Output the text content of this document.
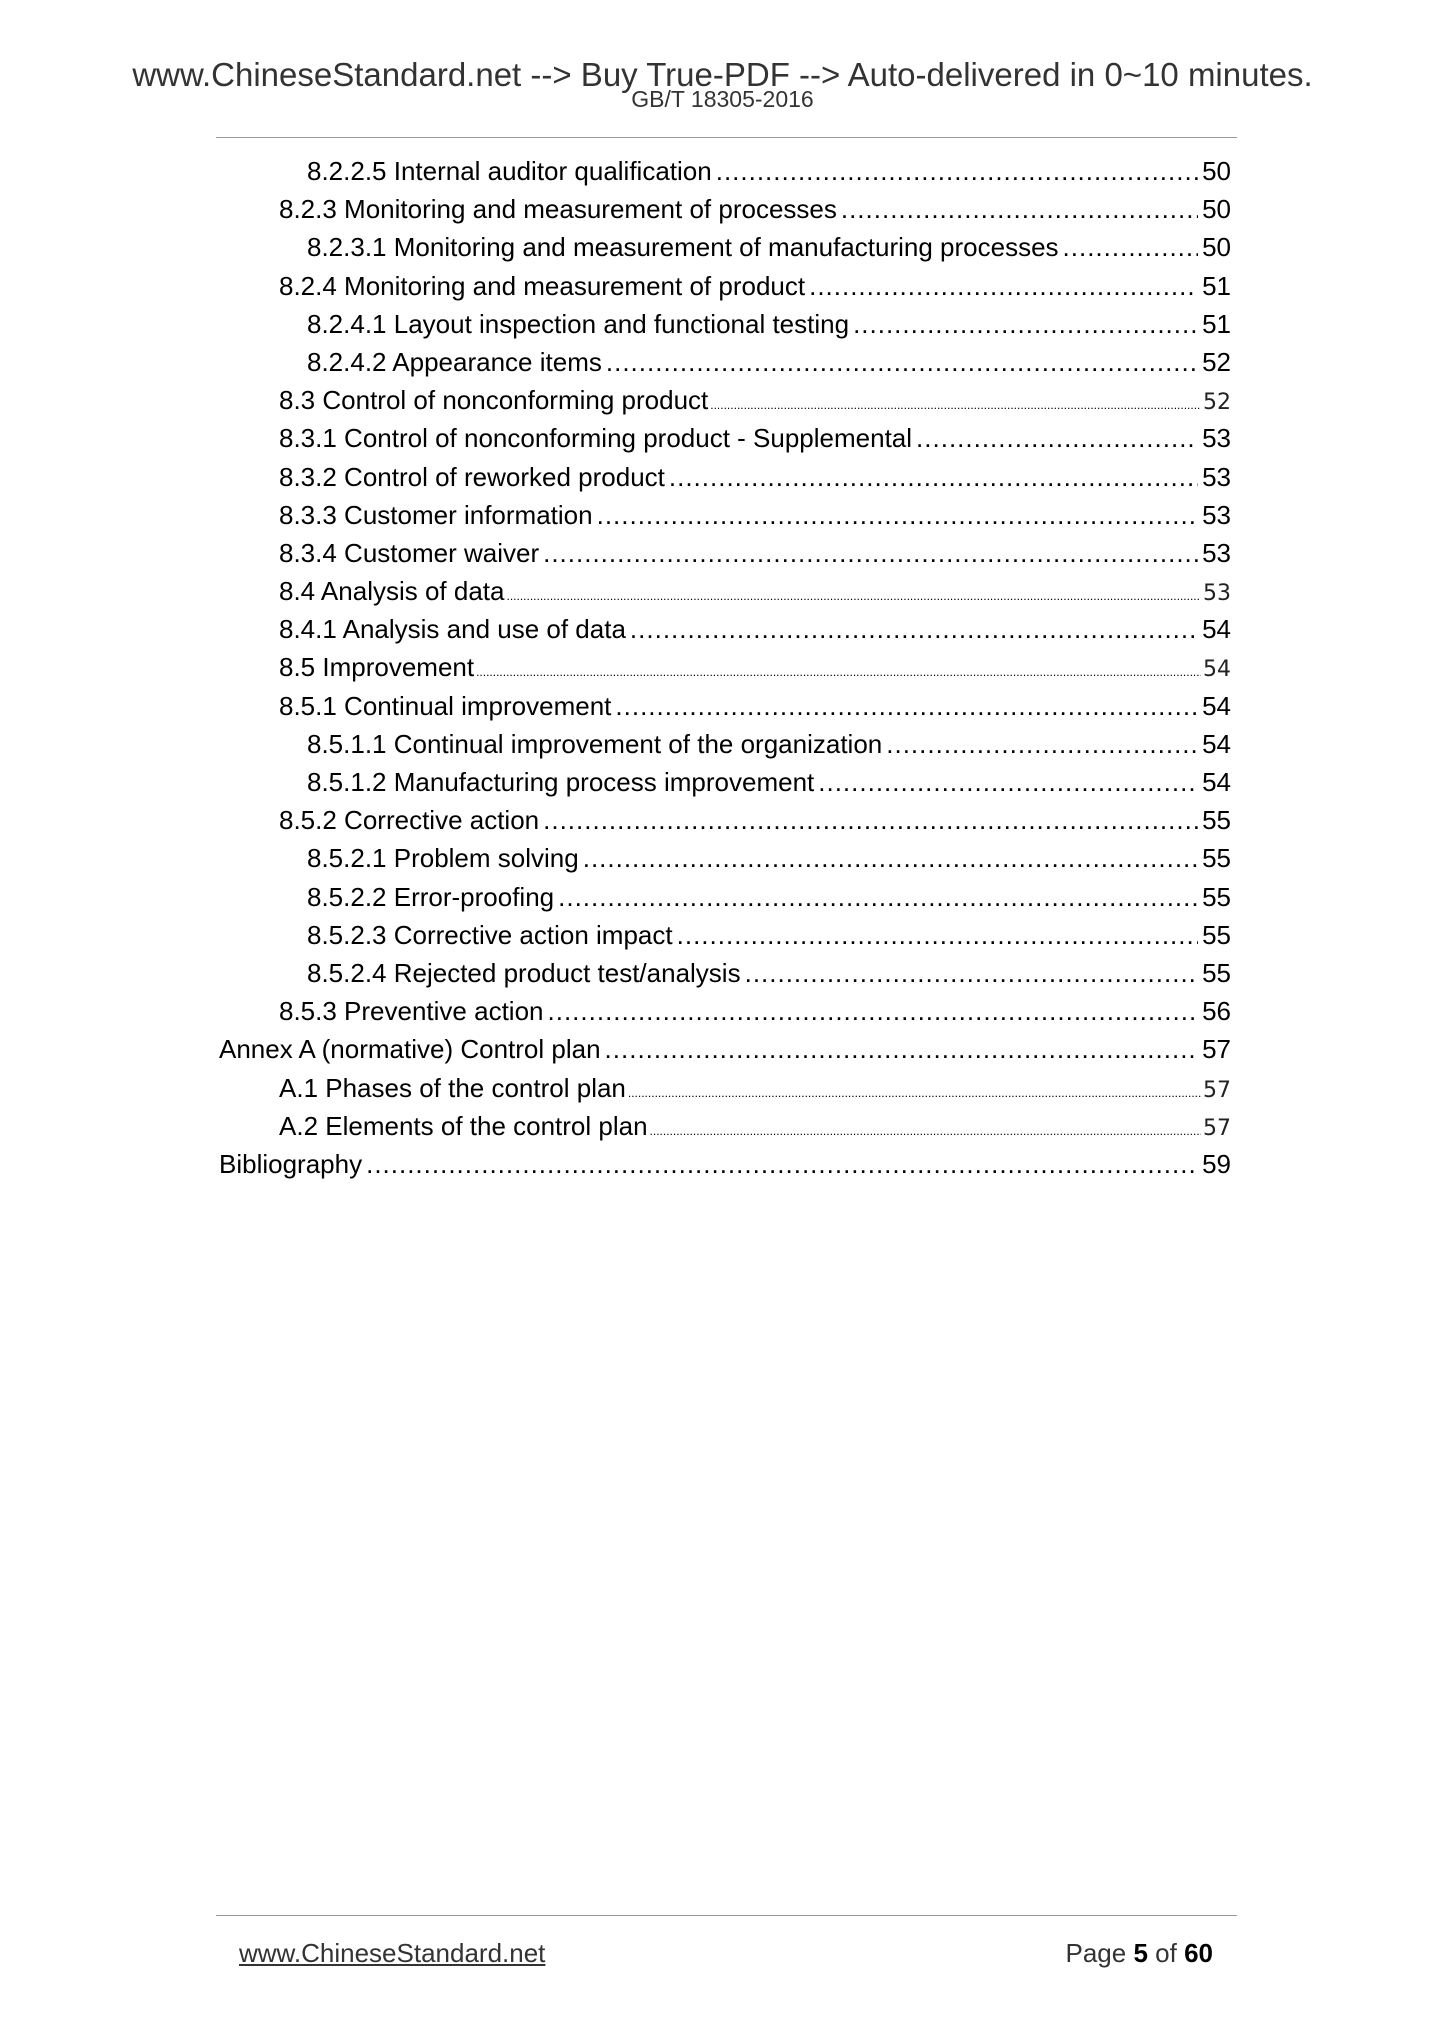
www.ChineseStandard.net --> Buy True-PDF --> Auto-delivered in 0~10 minutes.
GB/T 18305-2016
8.2.2.5 Internal auditor qualification .....	50
8.2.3 Monitoring and measurement of processes .....	50
8.2.3.1 Monitoring and measurement of manufacturing processes .....	50
8.2.4 Monitoring and measurement of product .....	51
8.2.4.1 Layout inspection and functional testing .....	51
8.2.4.2 Appearance items .....	52
8.3 Control of nonconforming product .....	52
8.3.1 Control of nonconforming product - Supplemental .....	53
8.3.2 Control of reworked product .....	53
8.3.3 Customer information .....	53
8.3.4 Customer waiver .....	53
8.4 Analysis of data .....	53
8.4.1 Analysis and use of data .....	54
8.5 Improvement .....	54
8.5.1 Continual improvement .....	54
8.5.1.1 Continual improvement of the organization .....	54
8.5.1.2 Manufacturing process improvement .....	54
8.5.2 Corrective action .....	55
8.5.2.1 Problem solving .....	55
8.5.2.2 Error-proofing .....	55
8.5.2.3 Corrective action impact .....	55
8.5.2.4 Rejected product test/analysis .....	55
8.5.3 Preventive action .....	56
Annex A (normative) Control plan .....	57
A.1 Phases of the control plan .....	57
A.2 Elements of the control plan .....	57
Bibliography .....	59
www.ChineseStandard.net	Page 5 of 60
